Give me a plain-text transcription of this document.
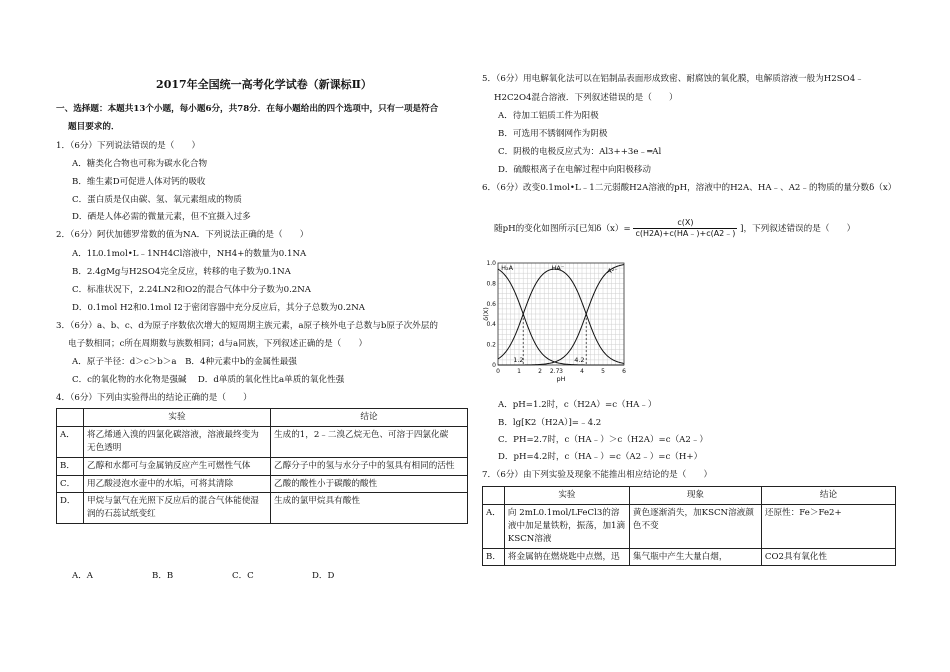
2017年全国统一高考化学试卷（新课标Ⅱ）
一、选择题：本题共13个小题，每小题6分，共78分．在每小题给出的四个选项中，只有一项是符合
题目要求的．
1．（6分）下列说法错误的是（　　）
A．糖类化合物也可称为碳水化合物
B．维生素D可促进人体对钙的吸收
C．蛋白质是仅由碳、氢、氧元素组成的物质
D．硒是人体必需的微量元素，但不宜摄入过多
2．（6分）阿伏加德罗常数的值为NA．下列说法正确的是（　　）
A．1L0.1mol•L﹣1NH4Cl溶液中，NH4+的数量为0.1NA
B．2.4gMg与H2SO4完全反应，转移的电子数为0.1NA
C．标准状况下，2.24LN2和O2的混合气体中分子数为0.2NA
D．0.1mol H2和0.1mol I2于密闭容器中充分反应后，其分子总数为0.2NA
3．（6分）a、b、c、d为原子序数依次增大的短周期主族元素，a原子核外电子总数与b原子次外层的
电子数相同；c所在周期数与族数相同；d与a同族，下列叙述正确的是（　　）
A．原子半径：d＞c＞b＞a　B．4种元素中b的金属性最强
C．c的氧化物的水化物是强碱　 D．d单质的氧化性比a单质的氧化性强
4．（6分）下列由实验得出的结论正确的是（　　）
	实验	结论
A．	将乙烯通入溴的四氯化碳溶液，溶液最终变为无色透明	生成的1，2﹣二溴乙烷无色、可溶于四氯化碳
B．	乙醇和水都可与金属钠反应产生可燃性气体	乙醇分子中的氢与水分子中的氢具有相同的活性
C．	用乙酸浸泡水壶中的水垢，可将其清除	乙酸的酸性小于碳酸的酸性
D．	甲烷与氯气在光照下反应后的混合气体能使湿润的石蕊试纸变红	生成的氯甲烷具有酸性
A．A	B．B	C．C	D．D
5．（6分）用电解氧化法可以在铝制品表面形成致密、耐腐蚀的氧化膜，电解质溶液一般为H2SO4﹣
H2C2O4混合溶液．下列叙述错误的是（　　）
A．待加工铝质工件为阳极
B．可选用不锈钢网作为阴极
C．阴极的电极反应式为：Al3++3e﹣═Al
D．硫酸根离子在电解过程中向阳极移动
6．（6分）改变0.1mol•L﹣1二元弱酸H2A溶液的pH，溶液中的H2A、HA﹣、A2﹣的物质的量分数δ（x）
随pH的变化如图所示[已知$\delta(x)= \frac{c(X)}{c(H2A)+c(HA﹣)+c(A2﹣)}$ ]，下列叙述错误的是（　　）
1.2	4.2
H₂A	HA⁻	A²⁻
0
0.2
0.4
0.6
0.8
1.0
0	1	2 2.7 3	4	5	6
pH
δ(X)
A．pH=1.2时，c（H2A）=c（HA﹣）
B．lg[K2（H2A）]=﹣4.2
C．PH=2.7时，c（HA﹣）＞c（H2A）=c（A2﹣）
D．pH=4.2时，c（HA﹣）=c（A2﹣）=c（H+）
7．（6分）由下列实验及现象不能推出相应结论的是（　　）
	实验	现象	结论
A．	向 2mL0.1mol/LFeCl3的溶液中加足量铁粉，振荡，加1滴KSCN溶液	黄色逐渐消失，加KSCN溶液颜色不变	还原性：Fe＞Fe2+
B．	将金属钠在燃烧匙中点燃，迅	集气瓶中产生大量白烟，	CO2具有氧化性
